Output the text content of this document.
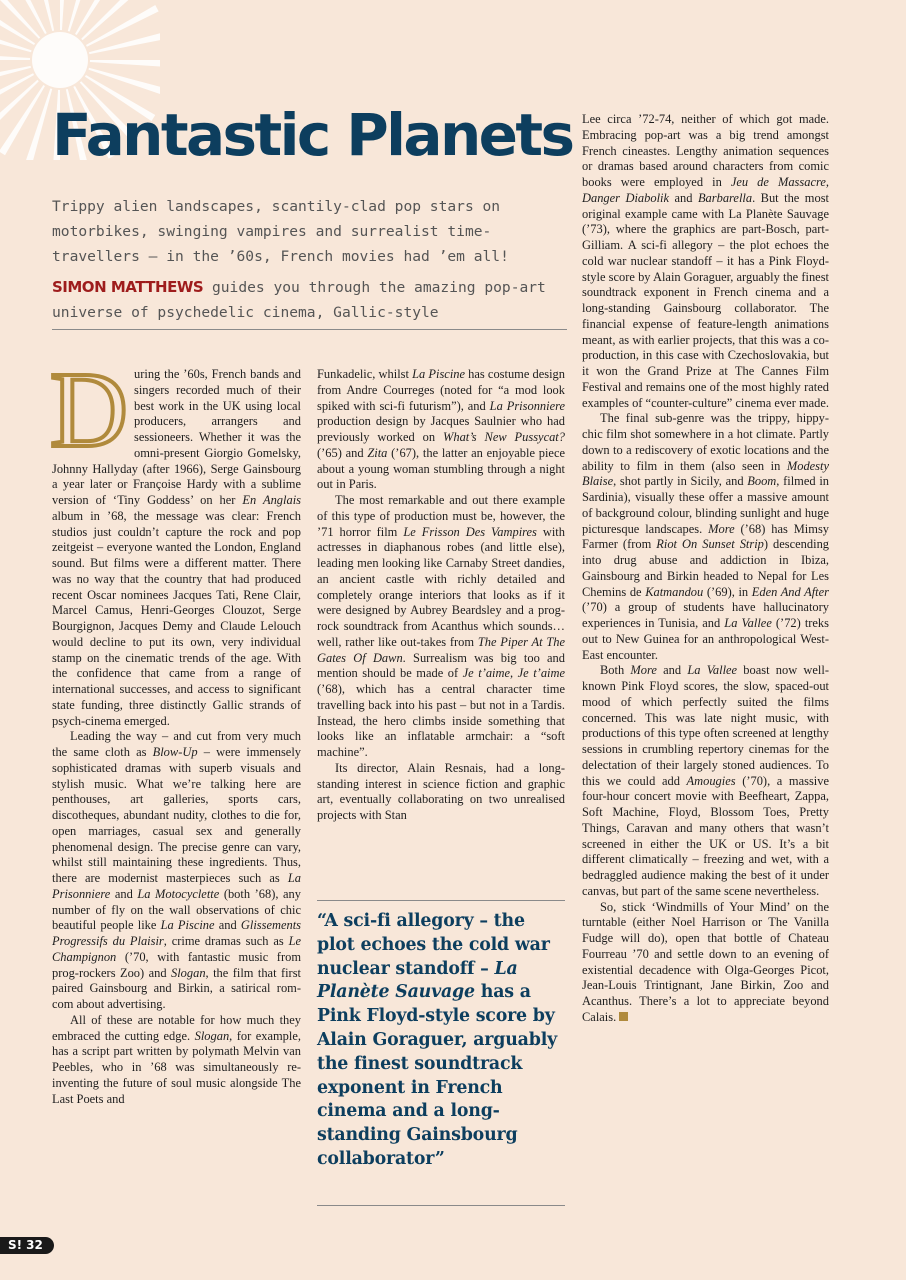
Fantastic Planets

Trippy alien landscapes, scantily-clad pop stars on motorbikes, swinging vampires and surrealist time-travellers – in the ’60s, French movies had ’em all!

SIMON MATTHEWS guides you through the amazing pop-art universe of psychedelic cinema, Gallic-style

During the ’60s, French bands and singers recorded much of their best work in the UK using local producers, arrangers and sessioneers. Whether it was the omni-present Giorgio Gomelsky, Johnny Hallyday (after 1966), Serge Gainsbourg a year later or Françoise Hardy with a sublime version of ‘Tiny Goddess’ on her En Anglais album in ’68, the message was clear: French studios just couldn’t capture the rock and pop zeitgeist – everyone wanted the London, England sound. But films were a different matter. There was no way that the country that had produced recent Oscar nominees Jacques Tati, Rene Clair, Marcel Camus, Henri-Georges Clouzot, Serge Bourgignon, Jacques Demy and Claude Lelouch would decline to put its own, very individual stamp on the cinematic trends of the age. With the confidence that came from a range of international successes, and access to significant state funding, three distinctly Gallic strands of psych-cinema emerged.

Leading the way – and cut from very much the same cloth as Blow-Up – were immensely sophisticated dramas with superb visuals and stylish music. What we’re talking here are penthouses, art galleries, sports cars, discotheques, abundant nudity, clothes to die for, open marriages, casual sex and generally phenomenal design. The precise genre can vary, whilst still maintaining these ingredients. Thus, there are modernist masterpieces such as La Prisonniere and La Motocyclette (both ’68), any number of fly on the wall observations of chic beautiful people like La Piscine and Glissements Progressifs du Plaisir, crime dramas such as Le Champignon (’70, with fantastic music from prog-rockers Zoo) and Slogan, the film that first paired Gainsbourg and Birkin, a satirical rom-com about advertising.

All of these are notable for how much they embraced the cutting edge. Slogan, for example, has a script part written by polymath Melvin van Peebles, who in ’68 was simultaneously re-inventing the future of soul music alongside The Last Poets and

Funkadelic, whilst La Piscine has costume design from Andre Courreges (noted for “a mod look spiked with sci-fi futurism”), and La Prisonniere production design by Jacques Saulnier who had previously worked on What’s New Pussycat? (’65) and Zita (’67), the latter an enjoyable piece about a young woman stumbling through a night out in Paris.

The most remarkable and out there example of this type of production must be, however, the ’71 horror film Le Frisson Des Vampires with actresses in diaphanous robes (and little else), leading men looking like Carnaby Street dandies, an ancient castle with richly detailed and completely orange interiors that looks as if it were designed by Aubrey Beardsley and a prog-rock soundtrack from Acanthus which sounds… well, rather like out-takes from The Piper At The Gates Of Dawn. Surrealism was big too and mention should be made of Je t’aime, Je t’aime (’68), which has a central character time travelling back into his past – but not in a Tardis. Instead, the hero climbs inside something that looks like an inflatable armchair: a “soft machine”.

Its director, Alain Resnais, had a long-standing interest in science fiction and graphic art, eventually collaborating on two unrealised projects with Stan

“A sci-fi allegory – the plot echoes the cold war nuclear standoff – La Planète Sauvage has a Pink Floyd-style score by Alain Goraguer, arguably the finest soundtrack exponent in French cinema and a long-standing Gainsbourg collaborator”

Lee circa ’72-74, neither of which got made. Embracing pop-art was a big trend amongst French cineastes. Lengthy animation sequences or dramas based around characters from comic books were employed in Jeu de Massacre, Danger Diabolik and Barbarella. But the most original example came with La Planète Sauvage (’73), where the graphics are part-Bosch, part-Gilliam. A sci-fi allegory – the plot echoes the cold war nuclear standoff – it has a Pink Floyd-style score by Alain Goraguer, arguably the finest soundtrack exponent in French cinema and a long-standing Gainsbourg collaborator. The financial expense of feature-length animations meant, as with earlier projects, that this was a co-production, in this case with Czechoslovakia, but it won the Grand Prize at The Cannes Film Festival and remains one of the most highly rated examples of “counter-culture” cinema ever made.

The final sub-genre was the trippy, hippy-chic film shot somewhere in a hot climate. Partly down to a rediscovery of exotic locations and the ability to film in them (also seen in Modesty Blaise, shot partly in Sicily, and Boom, filmed in Sardinia), visually these offer a massive amount of background colour, blinding sunlight and huge picturesque landscapes. More (’68) has Mimsy Farmer (from Riot On Sunset Strip) descending into drug abuse and addiction in Ibiza, Gainsbourg and Birkin headed to Nepal for Les Chemins de Katmandou (’69), in Eden And After (’70) a group of students have hallucinatory experiences in Tunisia, and La Vallee (’72) treks out to New Guinea for an anthropological West-East encounter.

Both More and La Vallee boast now well-known Pink Floyd scores, the slow, spaced-out mood of which perfectly suited the films concerned. This was late night music, with productions of this type often screened at lengthy sessions in crumbling repertory cinemas for the delectation of their largely stoned audiences. To this we could add Amougies (’70), a massive four-hour concert movie with Beefheart, Zappa, Soft Machine, Floyd, Blossom Toes, Pretty Things, Caravan and many others that wasn’t screened in either the UK or US. It’s a bit different climatically – freezing and wet, with a bedraggled audience making the best of it under canvas, but part of the same scene nevertheless.

So, stick ‘Windmills of Your Mind’ on the turntable (either Noel Harrison or The Vanilla Fudge will do), open that bottle of Chateau Fourreau ’70 and settle down to an evening of existential decadence with Olga-Georges Picot, Jean-Louis Trintignant, Jane Birkin, Zoo and Acanthus. There’s a lot to appreciate beyond Calais.

S! 32
